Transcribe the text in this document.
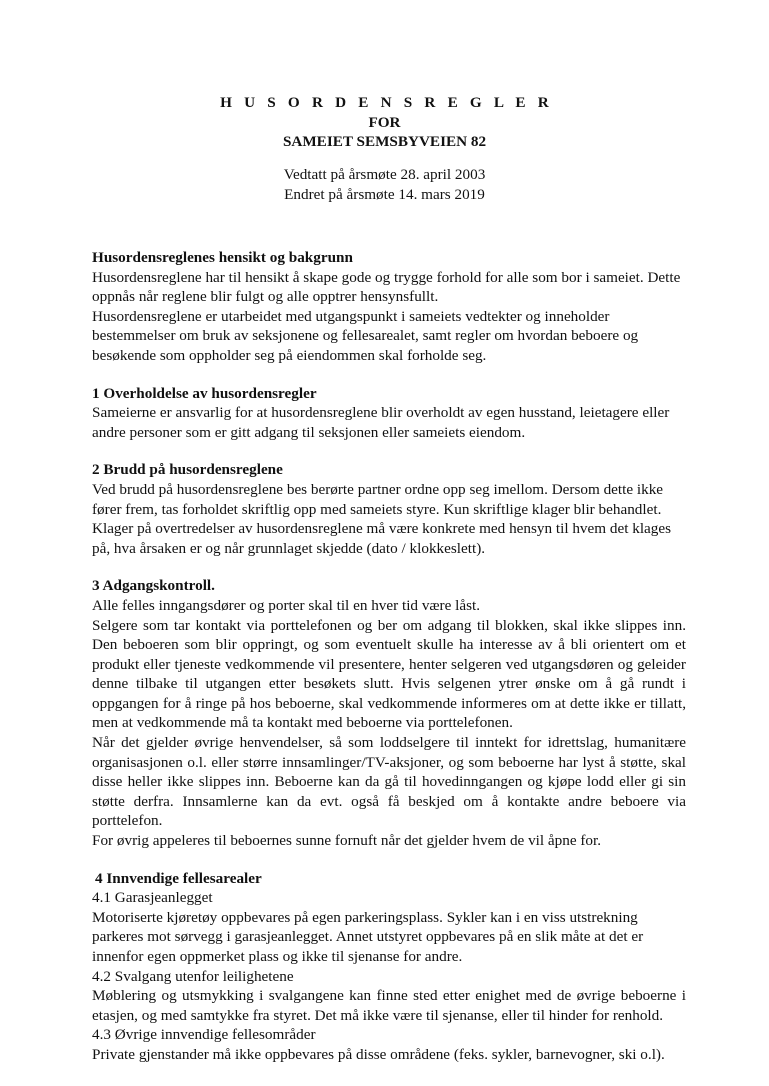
H U S O R D E N S R E G L E R
FOR
SAMEIET SEMSBYVEIEN 82
Vedtatt på årsmøte 28. april 2003
Endret på årsmøte 14. mars 2019
Husordensreglenes hensikt og bakgrunn

Husordensreglene har til hensikt å skape gode og trygge forhold for alle som bor i sameiet. Dette oppnås når reglene blir fulgt og alle opptrer hensynsfullt.

Husordensreglene er utarbeidet med utgangspunkt i sameiets vedtekter og inneholder bestemmelser om bruk av seksjonene og fellesarealet, samt regler om hvordan beboere og besøkende som oppholder seg på eiendommen skal forholde seg.

1 Overholdelse av husordensregler

Sameierne er ansvarlig for at husordensreglene blir overholdt av egen husstand, leietagere eller andre personer som er gitt adgang til seksjonen eller sameiets eiendom.

2 Brudd på husordensreglene

Ved brudd på husordensreglene bes berørte partner ordne opp seg imellom. Dersom dette ikke fører frem, tas forholdet skriftlig opp med sameiets styre. Kun skriftlige klager blir behandlet. Klager på overtredelser av husordensreglene må være konkrete med hensyn til hvem det klages på, hva årsaken er og når grunnlaget skjedde (dato / klokkeslett).

3 Adgangskontroll.

Alle felles inngangsdører og porter skal til en hver tid være låst.

Selgere som tar kontakt via porttelefonen og ber om adgang til blokken, skal ikke slippes inn. Den beboeren som blir oppringt, og som eventuelt skulle ha interesse av å bli orientert om et produkt eller tjeneste vedkommende vil presentere, henter selgeren ved utgangsdøren og geleider denne tilbake til utgangen etter besøkets slutt. Hvis selgenen ytrer ønske om å gå rundt i oppgangen for å ringe på hos beboerne, skal vedkommende informeres om at dette ikke er tillatt, men at vedkommende må ta kontakt med beboerne via porttelefonen.

Når det gjelder øvrige henvendelser, så som loddselgere til inntekt for idrettslag, humanitære organisasjonen o.l. eller større innsamlinger/TV-aksjoner, og som beboerne har lyst å støtte, skal disse heller ikke slippes inn. Beboerne kan da gå til hovedinngangen og kjøpe lodd eller gi sin støtte derfra. Innsamlerne kan da evt. også få beskjed om å kontakte andre beboere via porttelefon.

For øvrig appeleres til beboernes sunne fornuft når det gjelder hvem de vil åpne for.

4 Innvendige fellesarealer
4.1 Garasjeanlegget

Motoriserte kjøretøy oppbevares på egen parkeringsplass. Sykler kan i en viss utstrekning parkeres mot sørvegg i garasjeanlegget. Annet utstyret oppbevares på en slik måte at det er innenfor egen oppmerket plass og ikke til sjenanse for andre.

4.2 Svalgang utenfor leilighetene

Møblering og utsmykking i svalgangene kan finne sted etter enighet med de øvrige beboerne i etasjen, og med samtykke fra styret. Det må ikke være til sjenanse, eller til hinder for renhold.

4.3 Øvrige innvendige fellesområder

Private gjenstander må ikke oppbevares på disse områdene (feks. sykler, barnevogner, ski o.l).
